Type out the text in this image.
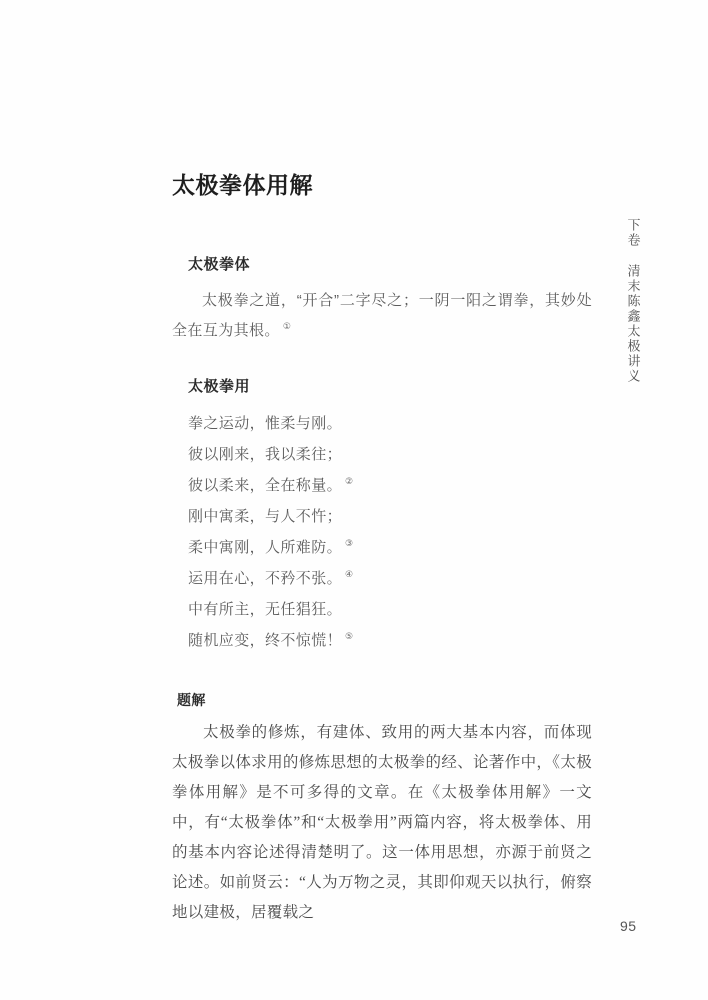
太极拳体用解
太极拳体

太极拳之道，“开合”二字尽之；一阴一阳之谓拳，其妙处全在互为其根。 ①

太极拳用
拳之运动，惟柔与刚。
彼以刚来，我以柔往；
彼以柔来，全在称量。 ②
刚中寓柔，与人不忤；
柔中寓刚，人所难防。 ③
运用在心，不矜不张。 ④
中有所主，无任猖狂。
随机应变，终不惊慌！ ⑤
题解

太极拳的修炼，有建体、致用的两大基本内容，而体现太极拳以体求用的修炼思想的太极拳的经、论著作中，《太极拳体用解》是不可多得的文章。在《太极拳体用解》一文中，有“太极拳体”和“太极拳用”两篇内容，将太极拳体、用的基本内容论述得清楚明了。这一体用思想，亦源于前贤之论述。如前贤云：“人为万物之灵，其即仰观天以执行，俯察地以建极，居覆载之

下卷
清末陈鑫太极讲义
95
